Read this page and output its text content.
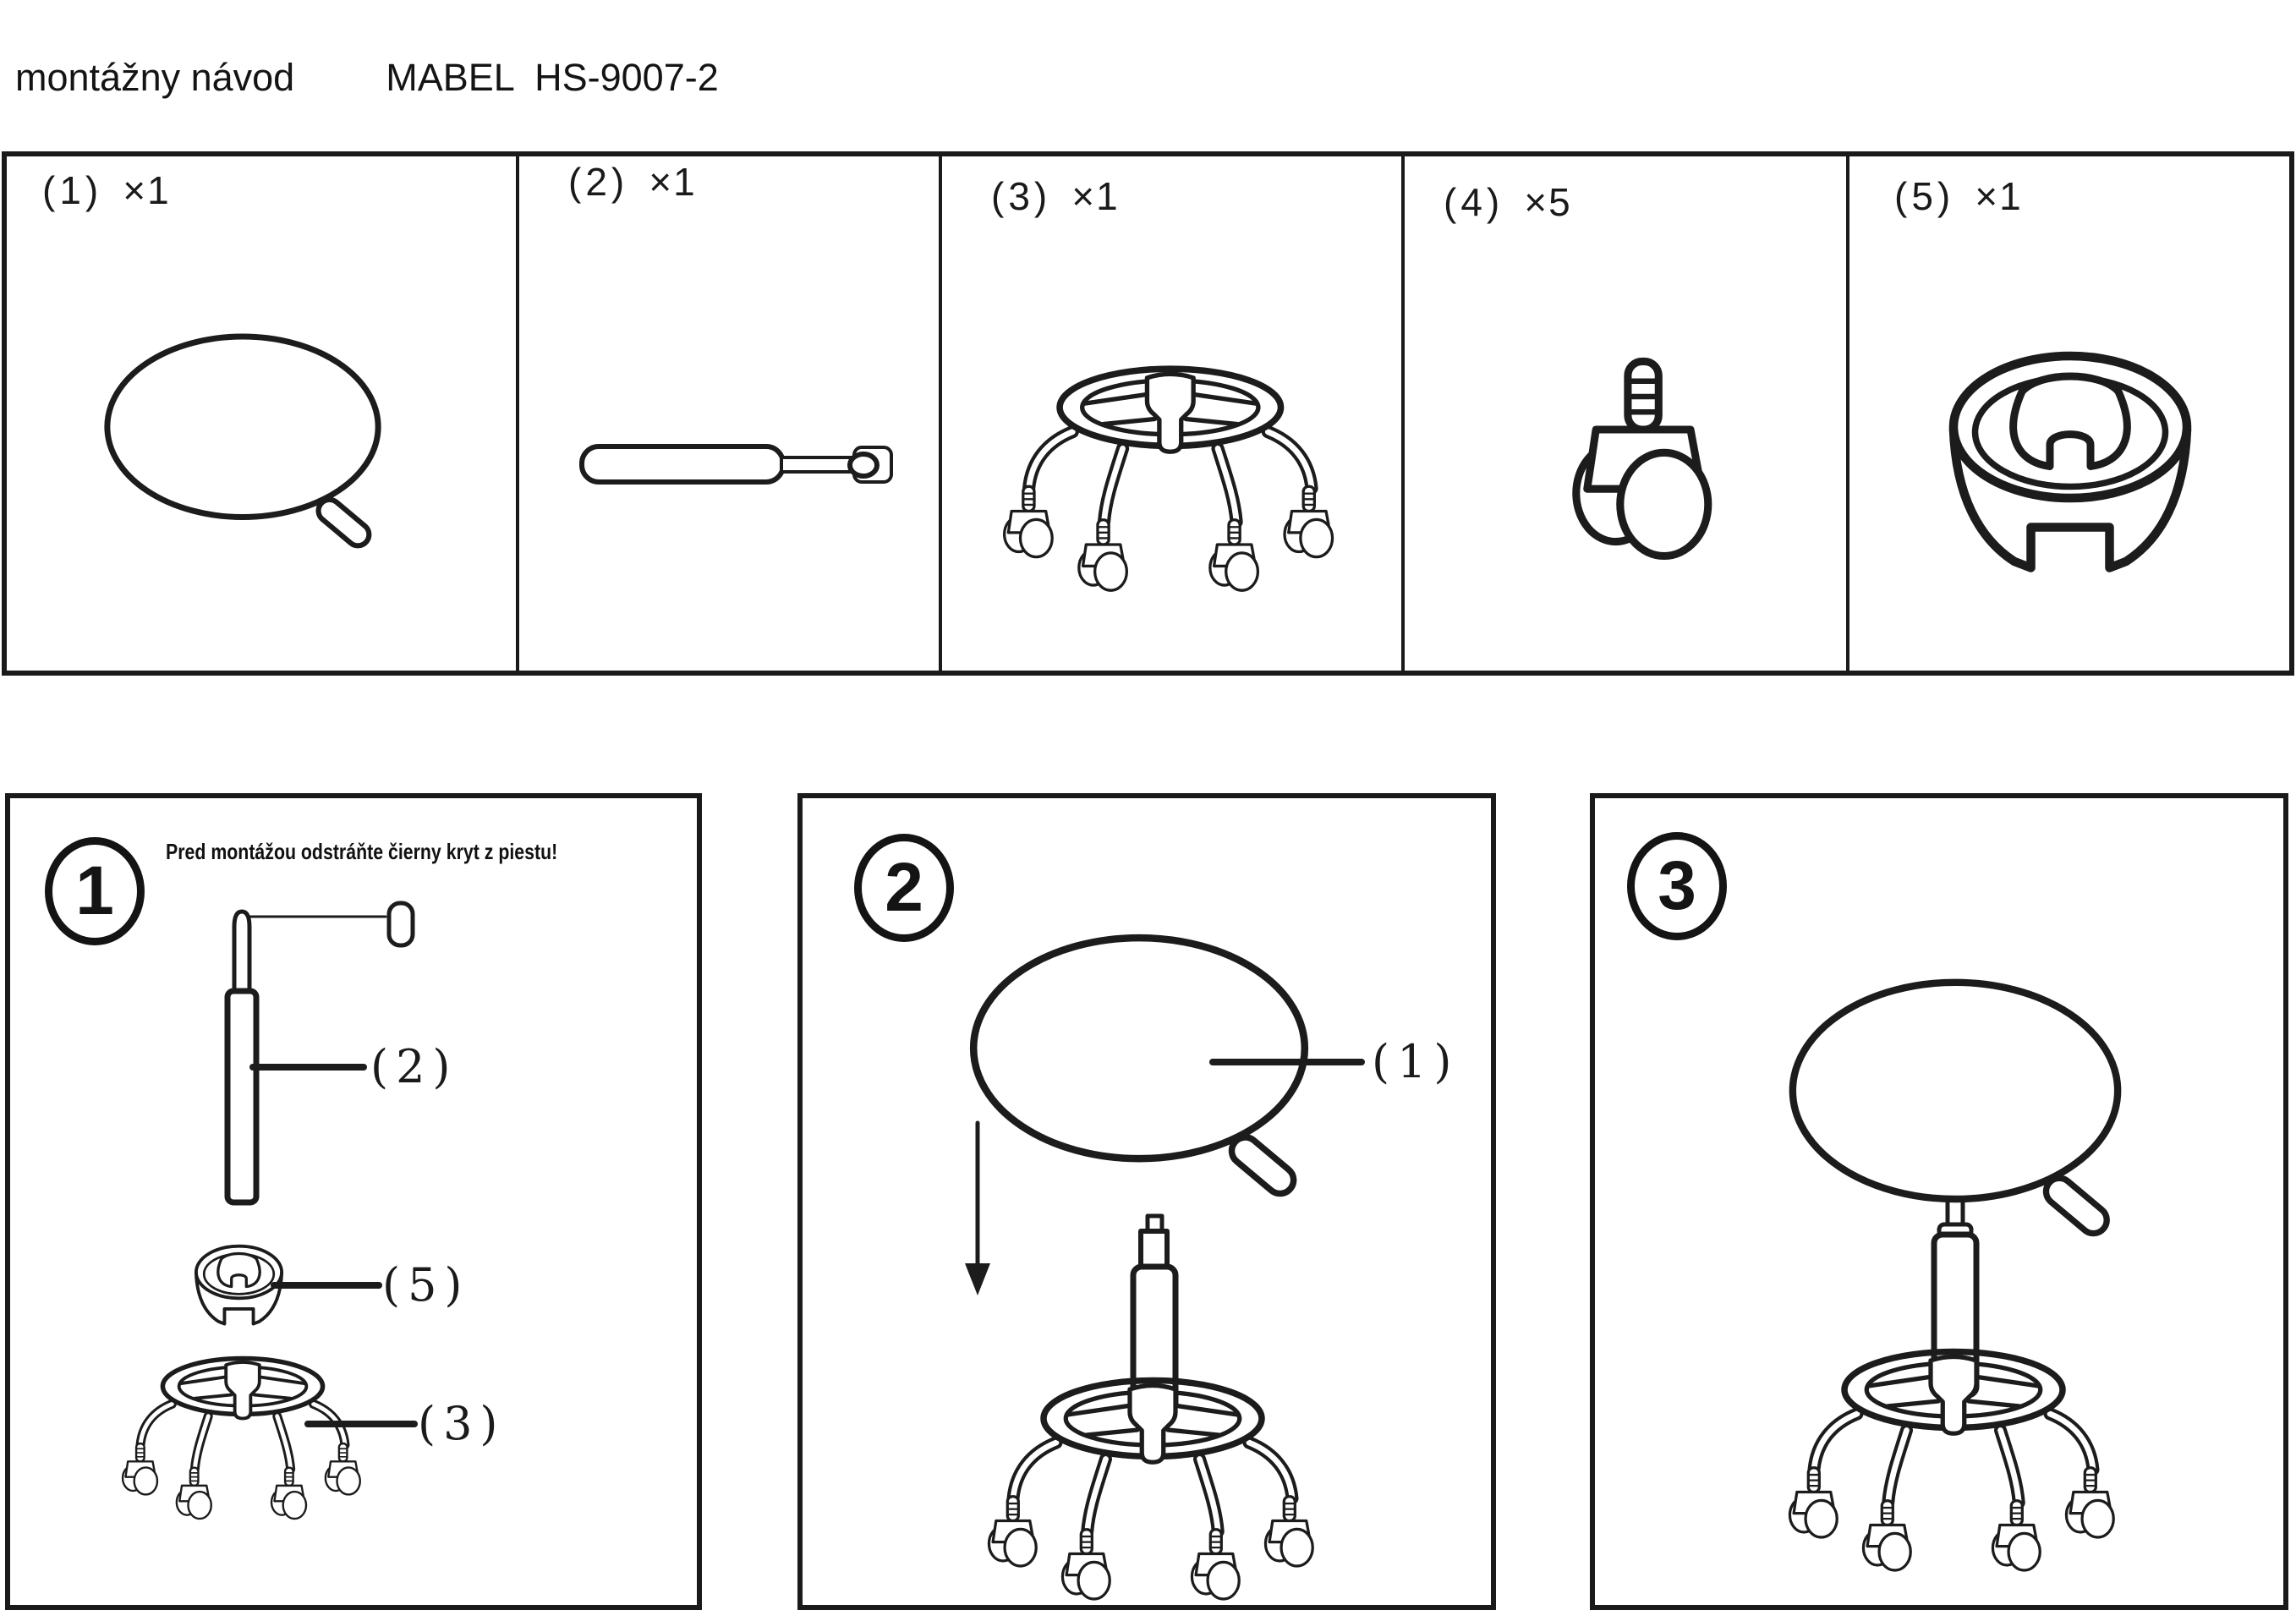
montážny návod MABEL  HS-9007-2
(1) ×1	(2) ×1	(3) ×1	(4) ×5	(5) ×1
1	2	3
Pred montážou odstráňte čierny kryt z piestu!
(2)
(5)
(3)
(1)
